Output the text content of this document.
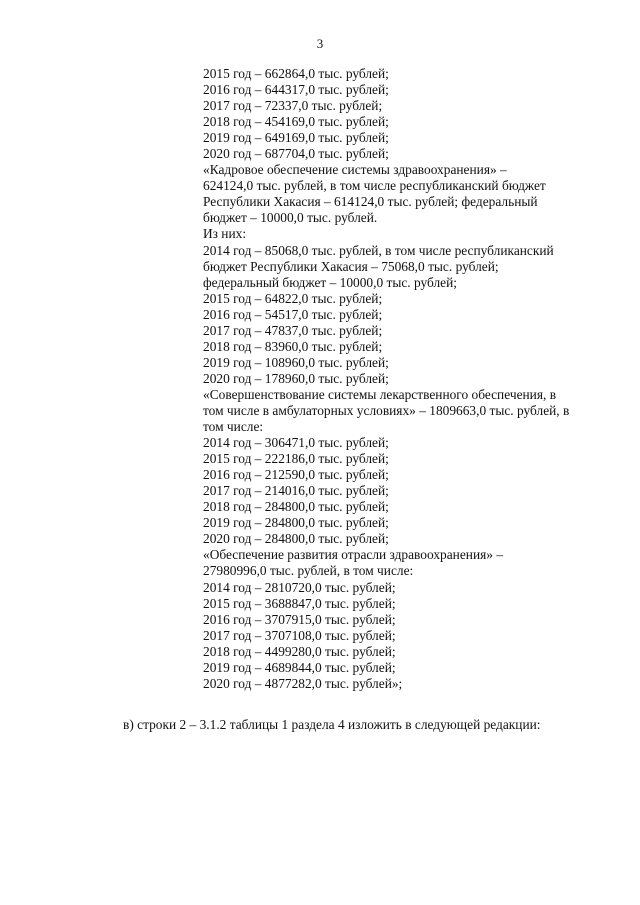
3
2015 год – 662864,0 тыс. рублей;
2016 год – 644317,0 тыс. рублей;
2017 год – 72337,0 тыс. рублей;
2018 год – 454169,0 тыс. рублей;
2019 год – 649169,0 тыс. рублей;
2020 год – 687704,0 тыс. рублей;
«Кадровое обеспечение системы здравоохранения» –
624124,0 тыс. рублей, в том числе республиканский бюджет
Республики Хакасия – 614124,0 тыс. рублей; федеральный
бюджет – 10000,0 тыс. рублей.
Из них:
2014 год – 85068,0 тыс. рублей, в том числе республиканский
бюджет Республики Хакасия – 75068,0 тыс. рублей;
федеральный бюджет – 10000,0 тыс. рублей;
2015 год – 64822,0 тыс. рублей;
2016 год – 54517,0 тыс. рублей;
2017 год – 47837,0 тыс. рублей;
2018 год – 83960,0 тыс. рублей;
2019 год – 108960,0 тыс. рублей;
2020 год – 178960,0 тыс. рублей;
«Совершенствование системы лекарственного обеспечения, в
том числе в амбулаторных условиях» – 1809663,0 тыс. рублей, в
том числе:
2014 год – 306471,0 тыс. рублей;
2015 год – 222186,0 тыс. рублей;
2016 год – 212590,0 тыс. рублей;
2017 год – 214016,0 тыс. рублей;
2018 год – 284800,0 тыс. рублей;
2019 год – 284800,0 тыс. рублей;
2020 год – 284800,0 тыс. рублей;
«Обеспечение развития отрасли здравоохранения» –
27980996,0 тыс. рублей, в том числе:
2014 год – 2810720,0 тыс. рублей;
2015 год – 3688847,0 тыс. рублей;
2016 год – 3707915,0 тыс. рублей;
2017 год – 3707108,0 тыс. рублей;
2018 год – 4499280,0 тыс. рублей;
2019 год – 4689844,0 тыс. рублей;
2020 год – 4877282,0 тыс. рублей»;
в) строки 2 – 3.1.2 таблицы 1 раздела 4 изложить в следующей редакции:
